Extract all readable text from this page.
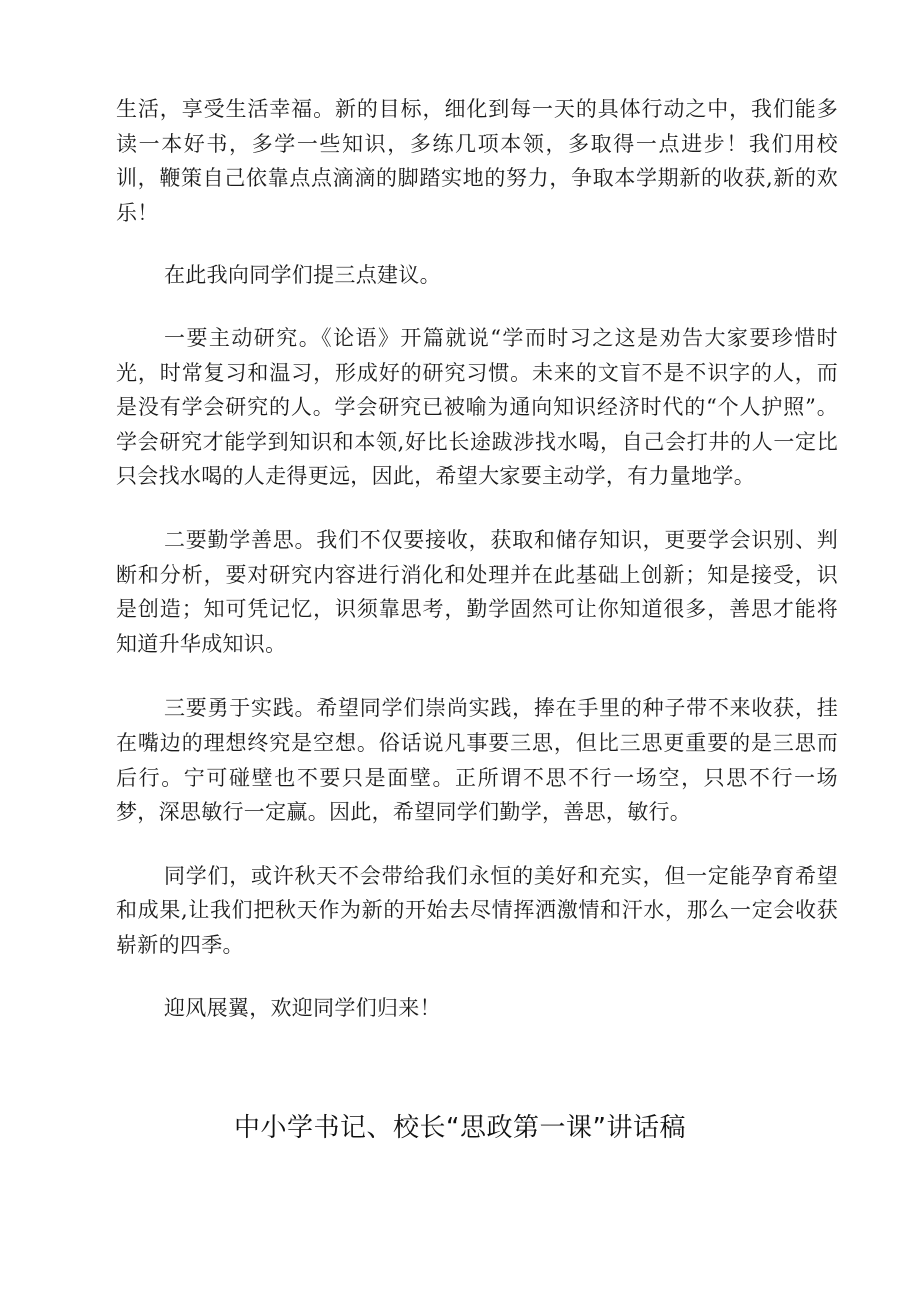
生活，享受生活幸福。新的目标，细化到每一天的具体行动之中，我们能多读一本好书，多学一些知识，多练几项本领，多取得一点进步！我们用校训，鞭策自己依靠点点滴滴的脚踏实地的努力，争取本学期新的收获,新的欢乐！

在此我向同学们提三点建议。

一要主动研究。《论语》开篇就说“学而时习之这是劝告大家要珍惜时光，时常复习和温习，形成好的研究习惯。未来的文盲不是不识字的人，而是没有学会研究的人。学会研究已被喻为通向知识经济时代的“个人护照”。学会研究才能学到知识和本领,好比长途跋涉找水喝，自己会打井的人一定比只会找水喝的人走得更远，因此，希望大家要主动学，有力量地学。

二要勤学善思。我们不仅要接收，获取和储存知识，更要学会识别、判断和分析，要对研究内容进行消化和处理并在此基础上创新；知是接受，识是创造；知可凭记忆，识须靠思考，勤学固然可让你知道很多，善思才能将知道升华成知识。

三要勇于实践。希望同学们崇尚实践，捧在手里的种子带不来收获，挂在嘴边的理想终究是空想。俗话说凡事要三思，但比三思更重要的是三思而后行。宁可碰壁也不要只是面壁。正所谓不思不行一场空，只思不行一场梦，深思敏行一定赢。因此，希望同学们勤学，善思，敏行。

同学们，或许秋天不会带给我们永恒的美好和充实，但一定能孕育希望和成果,让我们把秋天作为新的开始去尽情挥洒激情和汗水，那么一定会收获崭新的四季。

迎风展翼，欢迎同学们归来！

中小学书记、校长“思政第一课”讲话稿
